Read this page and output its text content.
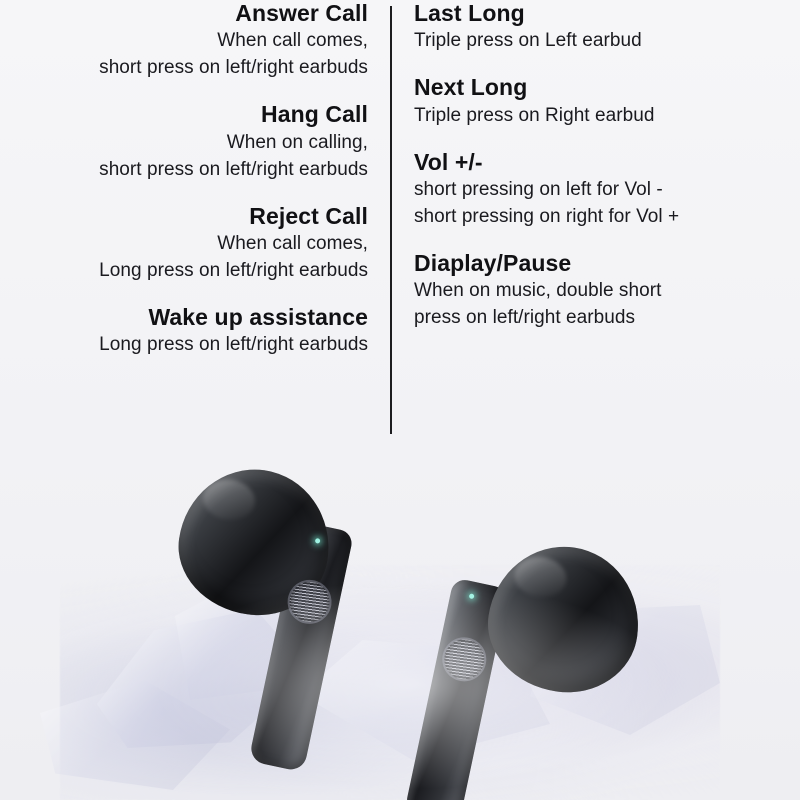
Answer Call
When call comes,
short press on left/right earbuds
Hang Call
When on calling,
short press on left/right earbuds
Reject Call
When call comes,
Long press on left/right earbuds
Wake up assistance
Long press on left/right earbuds
Last Long
Triple press on Left earbud
Next Long
Triple press on Right earbud
Vol +/-
short pressing on left for Vol -
short pressing on right for Vol +
Diaplay/Pause
When on music, double short
press on left/right earbuds
